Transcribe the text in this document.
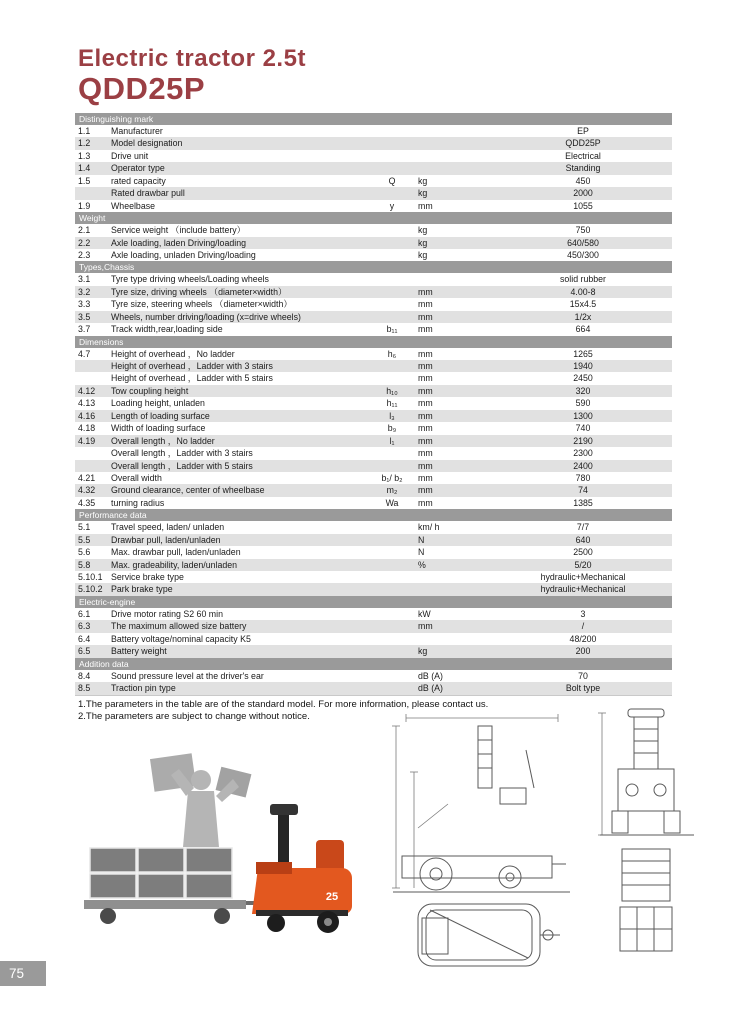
Electric tractor 2.5t
QDD25P
Distinguishing mark
1.1	Manufacturer	EP
1.2	Model designation	QDD25P
1.3	Drive unit	Electrical
1.4	Operator type	Standing
1.5	rated capacity	Q	kg	450
Rated drawbar pull	kg	2000
1.9	Wheelbase	y	mm	1055
Weight
2.1	Service weight （include battery）	kg	750
2.2	Axle loading, laden Driving/loading	kg	640/580
2.3	Axle loading, unladen Driving/loading	kg	450/300
Types,Chassis
3.1	Tyre type driving wheels/Loading wheels	solid rubber
3.2	Tyre size, driving wheels （diameter×width）	mm	4.00-8
3.3	Tyre size, steering wheels （diameter×width）	mm	15x4.5
3.5	Wheels, number driving/loading (x=drive wheels)	mm	1/2x
3.7	Track width,rear,loading side	b₁₁	mm	664
Dimensions
4.7	Height of overhead ，No ladder	h₆	mm	1265
Height of overhead ，Ladder with 3 stairs	mm	1940
Height of overhead ，Ladder with 5 stairs	mm	2450
4.12	Tow coupling height	h₁₀	mm	320
4.13	Loading height, unladen	h₁₁	mm	590
4.16	Length of loading surface	l₃	mm	1300
4.18	Width of loading surface	b₉	mm	740
4.19	Overall length ，No ladder	l₁	mm	2190
Overall length ，Ladder with 3 stairs	mm	2300
Overall length ，Ladder with 5 stairs	mm	2400
4.21	Overall width	b₁/ b₂	mm	780
4.32	Ground clearance, center of wheelbase	m₂	mm	74
4.35	turning radius	Wa	mm	1385
Performance data
5.1	Travel speed, laden/ unladen	km/ h	7/7
5.5	Drawbar pull, laden/unladen	N	640
5.6	Max. drawbar pull, laden/unladen	N	2500
5.8	Max. gradeability, laden/unladen	%	5/20
5.10.1 Service brake type	hydraulic+Mechanical
5.10.2 Park brake type	hydraulic+Mechanical
Electric-engine
6.1	Drive motor rating S2 60 min	kW	3
6.3	The maximum allowed size battery	mm	/
6.4	Battery voltage/nominal capacity K5	48/200
6.5	Battery weight	kg	200
Addition data
8.4	Sound pressure level at the driver's ear	dB (A)	70
8.5	Traction pin type	dB (A)	Bolt type
1.The parameters in the table are of the standard model. For more information, please contact us.
2.The parameters are subject to change without notice.
25
75
